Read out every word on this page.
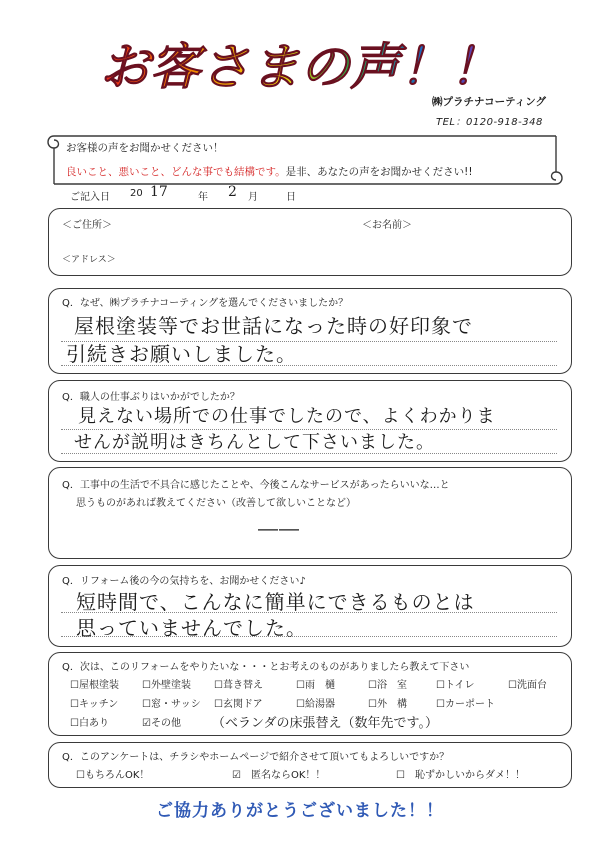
お客さまの声！！
㈱プラチナコーティング
TEL：0120-918-348
お客様の声をお聞かせください！
良いこと、悪いこと、どんな事でも結構です。是非、あなたの声をお聞かせください!!
ご記入日 20 17	年 2 月	日
＜ご住所＞	＜お名前＞
＜アドレス＞
Q．なぜ、㈱プラチナコーティングを選んでくださいましたか？
屋根塗装等でお世話になった時の好印象で
引続きお願いしました。
Q．職人の仕事ぶりはいかがでしたか？
見えない場所での仕事でしたので、よくわかりま
せんが説明はきちんとして下さいました。
Q．工事中の生活で不具合に感じたことや、今後こんなサービスがあったらいいな…と
思うものがあれば教えてください（改善して欲しいことなど）
――
Q．リフォーム後の今の気持ちを、お聞かせください♪
短時間で、こんなに簡単にできるものとは
思っていませんでした。
Q．次は、このリフォームをやりたいな・・・とお考えのものがありましたら教えて下さい
☐屋根塗装 ☐外壁塗装 ☐葺き替え	☐雨　樋	☐浴　室	☐トイレ	☐洗面台
☐キッチン ☐窓・サッシ ☐玄関ドア	☐給湯器	☐外　構	☐カーポート
☐白あり	☑その他 （ベランダの床張替え（数年先です。）
Q．このアンケートは、チラシやホームページで紹介させて頂いてもよろしいですか？
☐もちろんOK！	☑　匿名ならOK！！	☐　恥ずかしいからダメ！！
ご協力ありがとうございました！！
